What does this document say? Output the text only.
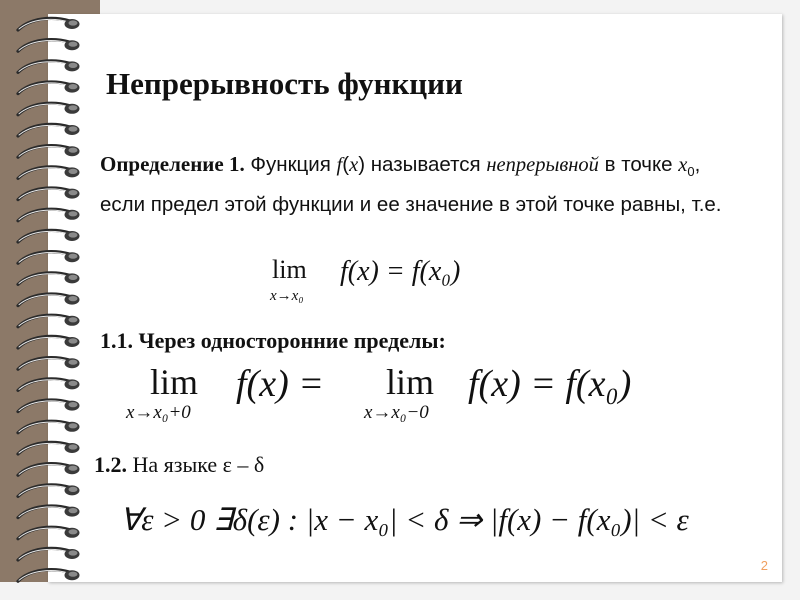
Непрерывность функции
Определение 1. Функция f(x) называется непрерывной в точке $x_0$, если предел этой функции и ее значение в этой точке равны, т.е.
lim
x→x₀
f(x) = f(x₀)
1.1. Через односторонние пределы:
lim
x→x₀+0
f(x) = lim
x→x₀−0
f(x) = f(x₀)
1.2. На языке ε – δ
∀ε > 0 ∃δ(ε) : |x − x₀| < δ ⇒ |f(x) − f(x₀)| < ε
2
